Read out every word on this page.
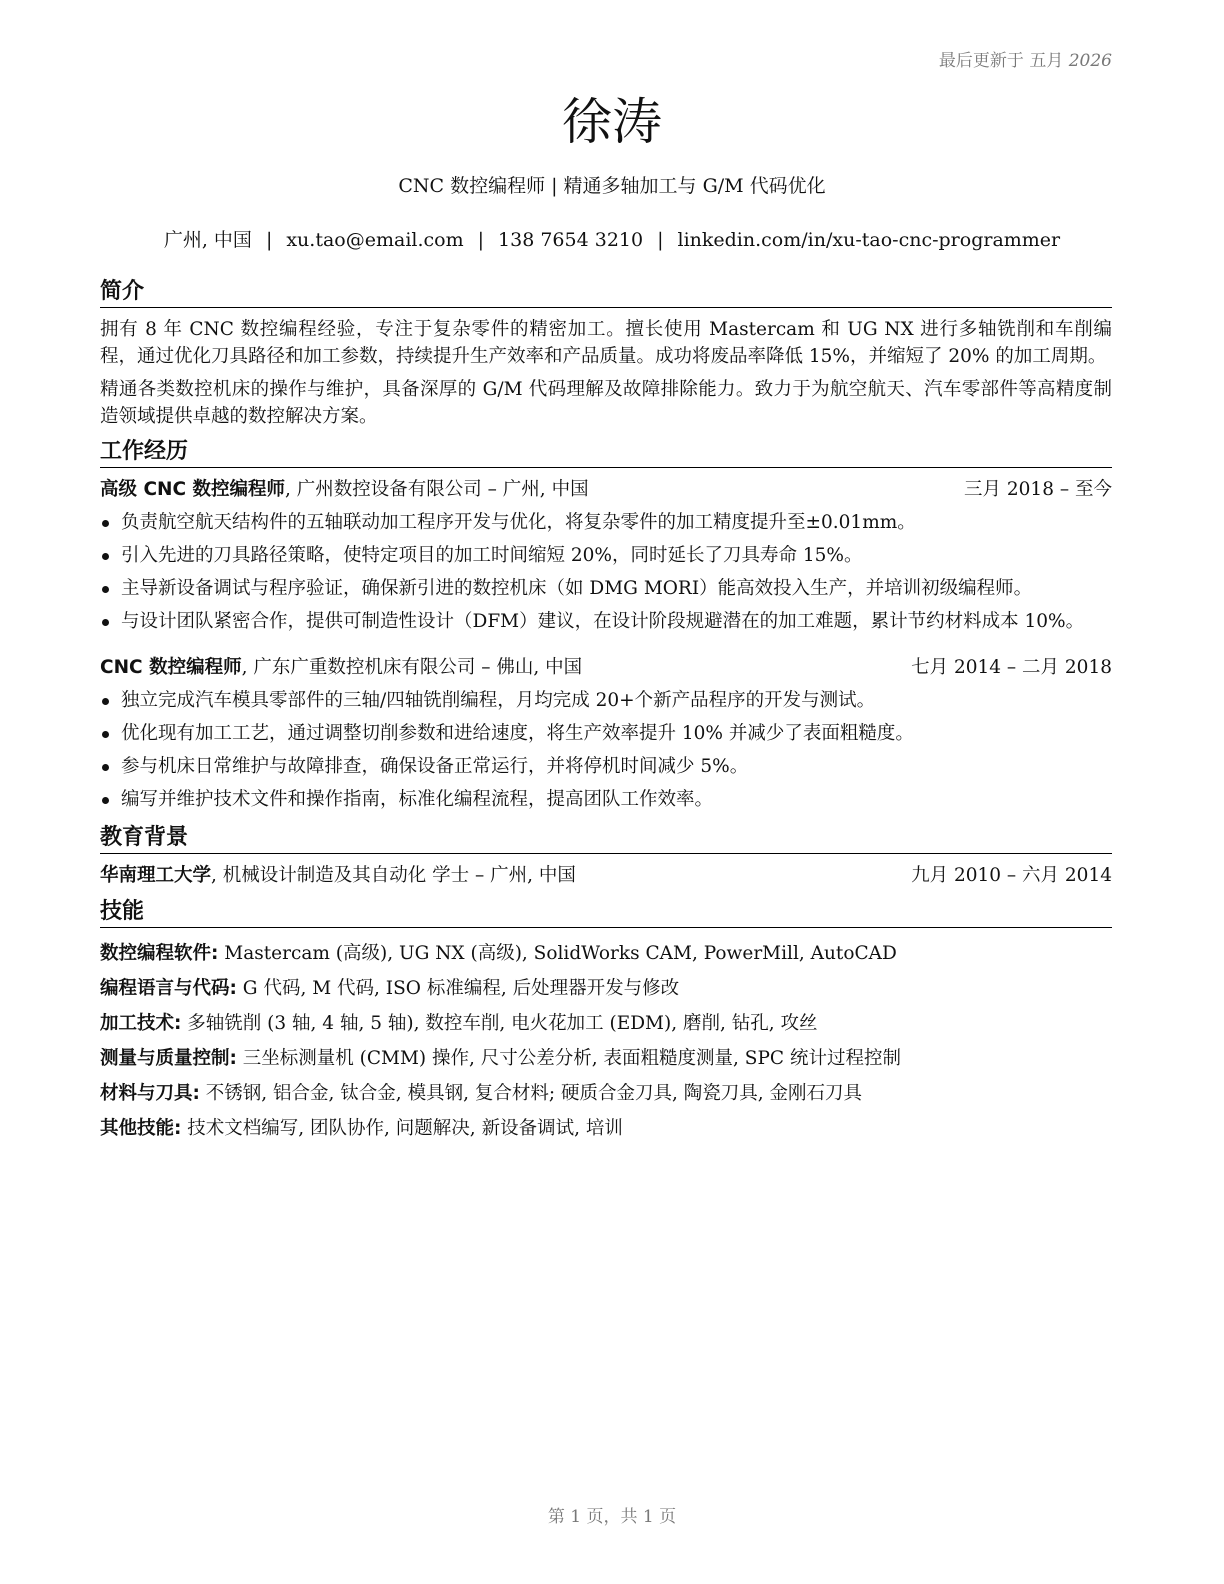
最后更新于 五月 2026
徐涛
CNC 数控编程师 | 精通多轴加工与 G/M 代码优化
广州, 中国 | xu.tao@email.com | 138 7654 3210 | linkedin.com/in/xu-tao-cnc-programmer
简介

拥有 8 年 CNC 数控编程经验，专注于复杂零件的精密加工。擅长使用 Mastercam 和 UG NX 进行多轴铣削和车削编程，通过优化刀具路径和加工参数，持续提升生产效率和产品质量。成功将废品率降低 15%，并缩短了 20% 的加工周期。

精通各类数控机床的操作与维护，具备深厚的 G/M 代码理解及故障排除能力。致力于为航空航天、汽车零部件等高精度制造领域提供卓越的数控解决方案。

工作经历
高级 CNC 数控编程师, 广州数控设备有限公司 – 广州, 中国	三月 2018 – 至今
负责航空航天结构件的五轴联动加工程序开发与优化，将复杂零件的加工精度提升至±0.01mm。
引入先进的刀具路径策略，使特定项目的加工时间缩短 20%，同时延长了刀具寿命 15%。
主导新设备调试与程序验证，确保新引进的数控机床（如 DMG MORI）能高效投入生产，并培训初级编程师。
与设计团队紧密合作，提供可制造性设计（DFM）建议，在设计阶段规避潜在的加工难题，累计节约材料成本 10%。
CNC 数控编程师, 广东广重数控机床有限公司 – 佛山, 中国	七月 2014 – 二月 2018
独立完成汽车模具零部件的三轴/四轴铣削编程，月均完成 20+个新产品程序的开发与测试。
优化现有加工工艺，通过调整切削参数和进给速度，将生产效率提升 10% 并减少了表面粗糙度。
参与机床日常维护与故障排查，确保设备正常运行，并将停机时间减少 5%。
编写并维护技术文件和操作指南，标准化编程流程，提高团队工作效率。
教育背景
华南理工大学, 机械设计制造及其自动化 学士 – 广州, 中国	九月 2010 – 六月 2014
技能
数控编程软件: Mastercam (高级), UG NX (高级), SolidWorks CAM, PowerMill, AutoCAD
编程语言与代码: G 代码, M 代码, ISO 标准编程, 后处理器开发与修改
加工技术: 多轴铣削 (3 轴, 4 轴, 5 轴), 数控车削, 电火花加工 (EDM), 磨削, 钻孔, 攻丝
测量与质量控制: 三坐标测量机 (CMM) 操作, 尺寸公差分析, 表面粗糙度测量, SPC 统计过程控制
材料与刀具: 不锈钢, 铝合金, 钛合金, 模具钢, 复合材料; 硬质合金刀具, 陶瓷刀具, 金刚石刀具
其他技能: 技术文档编写, 团队协作, 问题解决, 新设备调试, 培训
第 1 页，共 1 页
